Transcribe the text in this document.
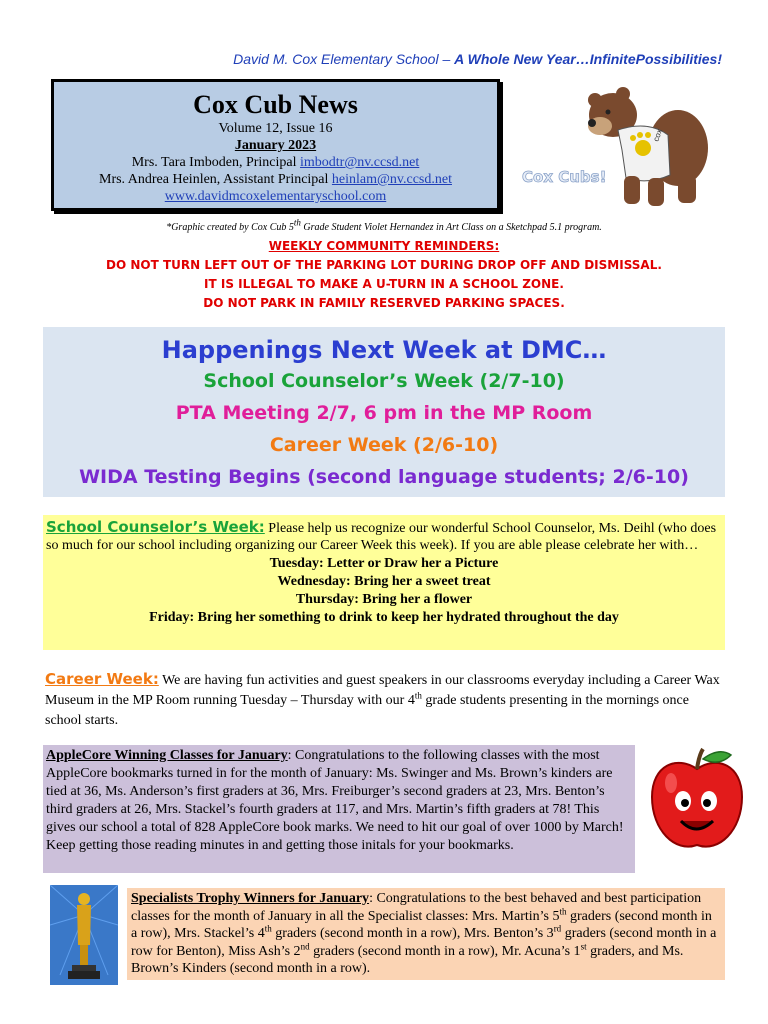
David M. Cox Elementary School – A Whole New Year…InfinitePossibilities!
Cox Cub News
Volume 12, Issue 16
January 2023
Mrs. Tara Imboden, Principal imbodtr@nv.ccsd.net
Mrs. Andrea Heinlen, Assistant Principal heinlam@nv.ccsd.net
www.davidmcoxelementaryschool.com
cox
Cox Cubs!
*Graphic created by Cox Cub 5th Grade Student Violet Hernandez in Art Class on a Sketchpad 5.1 program.
WEEKLY COMMUNITY REMINDERS:
DO NOT TURN LEFT OUT OF THE PARKING LOT DURING DROP OFF AND DISMISSAL.
IT IS ILLEGAL TO MAKE A U-TURN IN A SCHOOL ZONE.
DO NOT PARK IN FAMILY RESERVED PARKING SPACES.
Happenings Next Week at DMC…
School Counselor’s Week (2/7-10)
PTA Meeting 2/7, 6 pm in the MP Room
Career Week (2/6-10)
WIDA Testing Begins (second language students; 2/6-10)
School Counselor’s Week: Please help us recognize our wonderful School Counselor, Ms. Deihl (who does so much for our school including organizing our Career Week this week). If you are able please celebrate her with…
Tuesday: Letter or Draw her a Picture
Wednesday: Bring her a sweet treat
Thursday: Bring her a flower
Friday: Bring her something to drink to keep her hydrated throughout the day
Career Week: We are having fun activities and guest speakers in our classrooms everyday including a Career Wax Museum in the MP Room running Tuesday – Thursday with our 4th grade students presenting in the mornings once school starts.
AppleCore Winning Classes for January: Congratulations to the following classes with the most AppleCore bookmarks turned in for the month of January: Ms. Swinger and Ms. Brown’s kinders are tied at 36, Ms. Anderson’s first graders at 36, Mrs. Freiburger’s second graders at 23, Mrs. Benton’s third graders at 26, Mrs. Stackel’s fourth graders at 117, and Mrs. Martin’s fifth graders at 78! This gives our school a total of 828 AppleCore book marks. We need to hit our goal of over 1000 by March! Keep getting those reading minutes in and getting those initals for your bookmarks.
Specialists Trophy Winners for January: Congratulations to the best behaved and best participation classes for the month of January in all the Specialist classes: Mrs. Martin’s 5th graders (second month in a row), Mrs. Stackel’s 4th graders (second month in a row), Mrs. Benton’s 3rd graders (second month in a row for Benton), Miss Ash’s 2nd graders (second month in a row), Mr. Acuna’s 1st graders, and Ms. Brown’s Kinders (second month in a row).
